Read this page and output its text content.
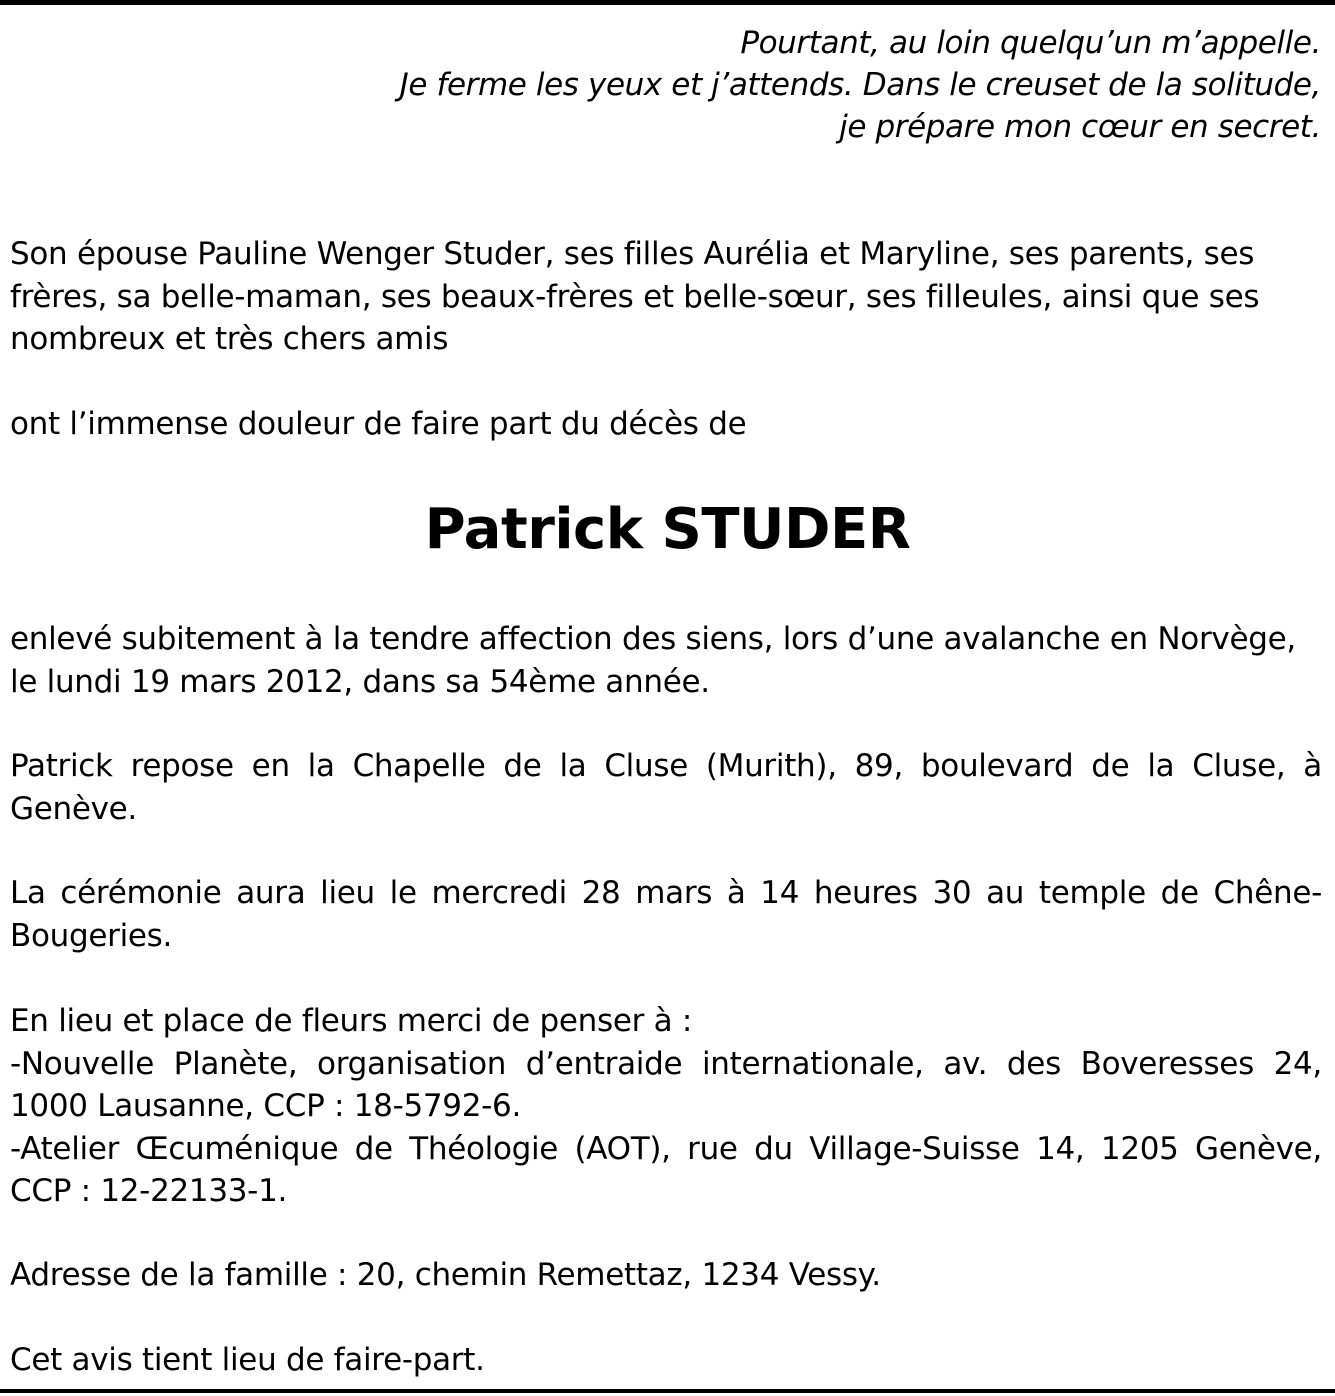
Pourtant, au loin quelqu’un m’appelle.
Je ferme les yeux et j’attends. Dans le creuset de la solitude,
je prépare mon cœur en secret.
Son épouse Pauline Wenger Studer, ses filles Aurélia et Maryline, ses parents, ses frères, sa belle-maman, ses beaux-frères et belle-sœur, ses filleules, ainsi que ses nombreux et très chers amis
ont l’immense douleur de faire part du décès de
Patrick STUDER
enlevé subitement à la tendre affection des siens, lors d’une avalanche en Norvège, le lundi 19 mars 2012, dans sa 54ème année.
Patrick repose en la Chapelle de la Cluse (Murith), 89, boulevard de la Cluse, à Genève.
La cérémonie aura lieu le mercredi 28 mars à 14 heures 30 au temple de Chêne-Bougeries.
En lieu et place de fleurs merci de penser à :
-Nouvelle Planète, organisation d’entraide internationale, av. des Boveresses 24, 1000 Lausanne, CCP : 18-5792-6.
-Atelier Œcuménique de Théologie (AOT), rue du Village-Suisse 14, 1205 Genève, CCP : 12-22133-1.
Adresse de la famille : 20, chemin Remettaz, 1234 Vessy.
Cet avis tient lieu de faire-part.
